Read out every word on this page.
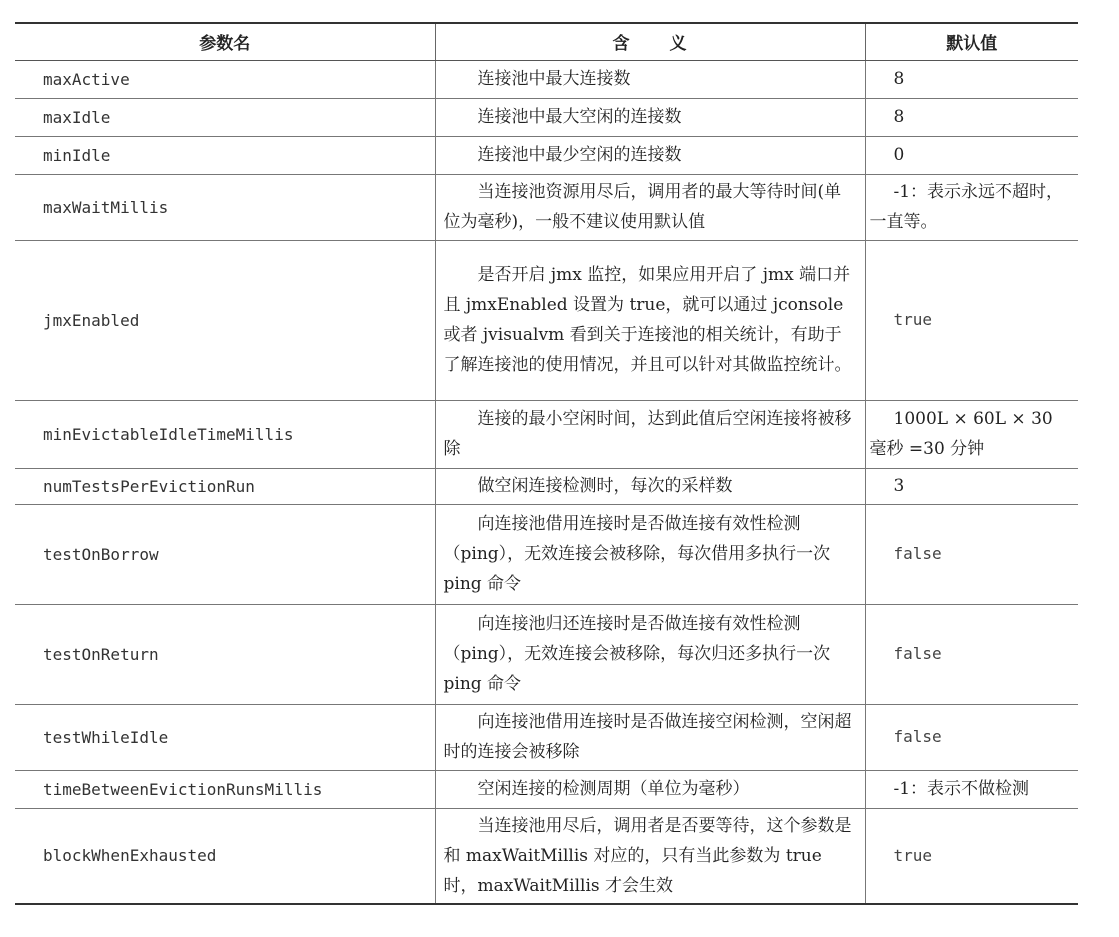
参数名	含义	默认值
maxActive	连接池中最大连接数	8
maxIdle	连接池中最大空闲的连接数	8
minIdle	连接池中最少空闲的连接数	0
maxWaitMillis	当连接池资源用尽后，调用者的最大等待时间(单位为毫秒)，一般不建议使用默认值	-1：表示永远不超时，一直等。
jmxEnabled	是否开启 jmx 监控，如果应用开启了 jmx 端口并且 jmxEnabled 设置为 true，就可以通过 jconsole 或者 jvisualvm 看到关于连接池的相关统计，有助于了解连接池的使用情况，并且可以针对其做监控统计。	true
minEvictableIdleTimeMillis	连接的最小空闲时间，达到此值后空闲连接将被移除	1000L × 60L × 30 毫秒 =30 分钟
numTestsPerEvictionRun	做空闲连接检测时，每次的采样数	3
testOnBorrow	向连接池借用连接时是否做连接有效性检测（ping），无效连接会被移除，每次借用多执行一次 ping 命令	false
testOnReturn	向连接池归还连接时是否做连接有效性检测（ping），无效连接会被移除，每次归还多执行一次 ping 命令	false
testWhileIdle	向连接池借用连接时是否做连接空闲检测，空闲超时的连接会被移除	false
timeBetweenEvictionRunsMillis	空闲连接的检测周期（单位为毫秒）	-1：表示不做检测
blockWhenExhausted	当连接池用尽后，调用者是否要等待，这个参数是和 maxWaitMillis 对应的，只有当此参数为 true 时，maxWaitMillis 才会生效	true
